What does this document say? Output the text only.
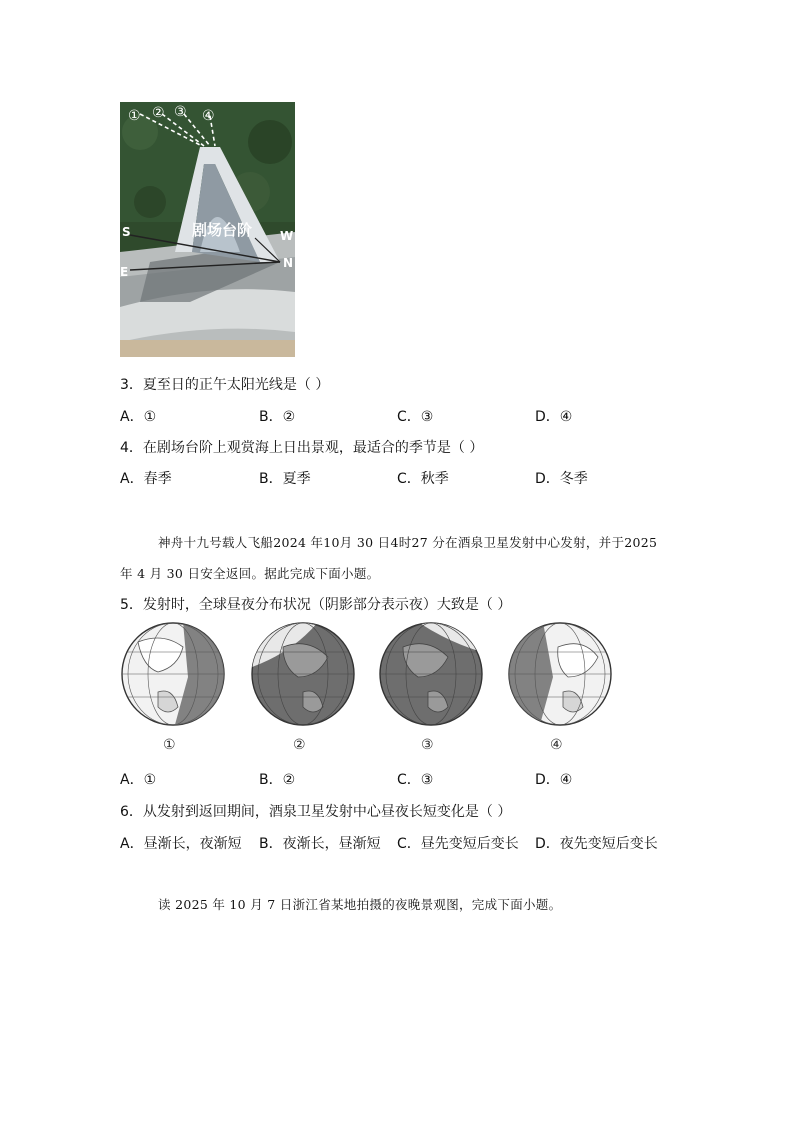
① ② ③ ④
剧场台阶
S	W
E
N
3．夏至日的正午太阳光线是（ ）
A．①	B．②	C．③	D．④
4．在剧场台阶上观赏海上日出景观，最适合的季节是（ ）
A．春季	B．夏季	C．秋季	D．冬季
神舟十九号载人飞船2024 年10月 30 日4时27 分在酒泉卫星发射中心发射，并于2025
年 4 月 30 日安全返回。据此完成下面小题。
5．发射时，全球昼夜分布状况（阴影部分表示夜）大致是（ ）
①	②	③	④
A．①	B．②	C．③	D．④
6．从发射到返回期间，酒泉卫星发射中心昼夜长短变化是（ ）
A．昼渐长，夜渐短 B．夜渐长，昼渐短 C．昼先变短后变长 D．夜先变短后变长
读 2025 年 10 月 7 日浙江省某地拍摄的夜晚景观图，完成下面小题。
